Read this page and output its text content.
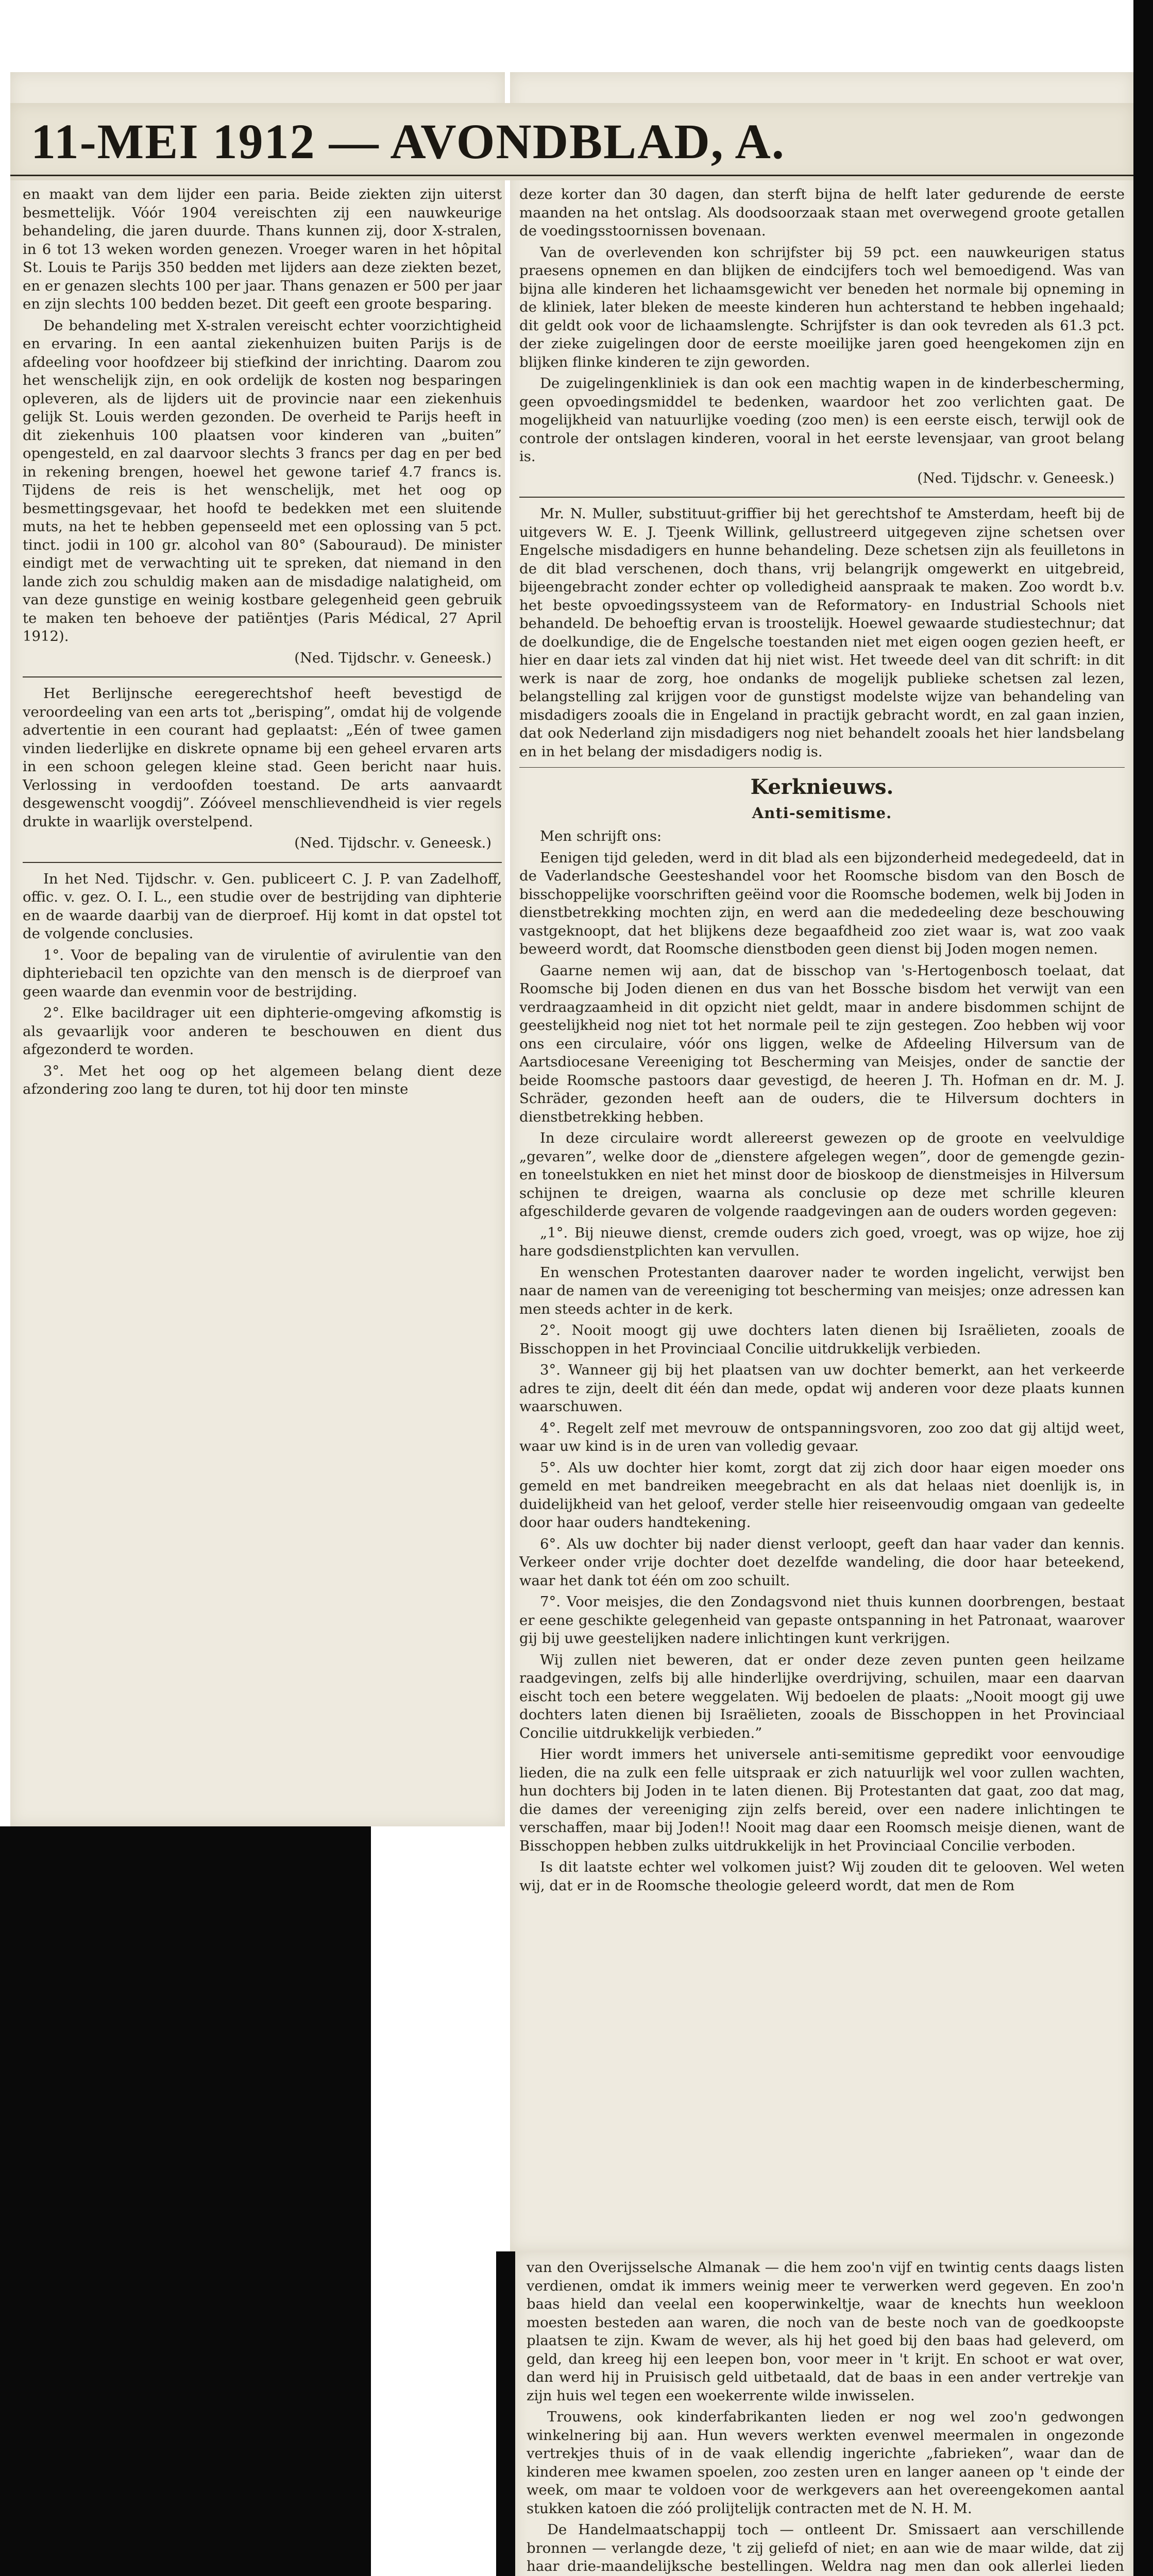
en maakt van dem lijder een paria. Beide ziekten zijn uiterst besmettelijk. Vóór 1904 vereischten zij een nauwkeurige behandeling, die jaren duurde. Thans kunnen zij, door X-stralen, in 6 tot 13 weken worden genezen. Vroeger waren in het hôpital St. Louis te Parijs 350 bedden met lijders aan deze ziekten bezet, en er genazen slechts 100 per jaar. Thans genazen er 500 per jaar en zijn slechts 100 bedden bezet. Dit geeft een groote besparing.

De behandeling met X-stralen vereischt echter voorzichtigheid en ervaring. In een aantal ziekenhuizen buiten Parijs is de afdeeling voor hoofdzeer bij stiefkind der inrichting. Daarom zou het wenschelijk zijn, en ook ordelijk de kosten nog besparingen opleveren, als de lijders uit de provincie naar een ziekenhuis gelijk St. Louis werden gezonden. De overheid te Parijs heeft in dit ziekenhuis 100 plaatsen voor kinderen van „buiten” opengesteld, en zal daarvoor slechts 3 francs per dag en per bed in rekening brengen, hoewel het gewone tarief 4.7 francs is. Tijdens de reis is het wenschelijk, met het oog op besmettingsgevaar, het hoofd te bedekken met een sluitende muts, na het te hebben gepenseeld met een oplossing van 5 pct. tinct. jodii in 100 gr. alcohol van 80° (Sabouraud). De minister eindigt met de verwachting uit te spreken, dat niemand in den lande zich zou schuldig maken aan de misdadige nalatigheid, om van deze gunstige en weinig kostbare gelegenheid geen gebruik te maken ten behoeve der patiëntjes (Paris Médical, 27 April 1912).

(Ned. Tijdschr. v. Geneesk.)

Het Berlijnsche eeregerechtshof heeft bevestigd de veroordeeling van een arts tot „berisping”, omdat hij de volgende advertentie in een courant had geplaatst: „Eén of twee gamen vinden liederlijke en diskrete opname bij een geheel ervaren arts in een schoon gelegen kleine stad. Geen bericht naar huis. Verlossing in verdoofden toestand. De arts aanvaardt desgewenscht voogdij”. Zóóveel menschlievendheid is vier regels drukte in waarlijk overstelpend.

(Ned. Tijdschr. v. Geneesk.)

In het Ned. Tijdschr. v. Gen. publiceert C. J. P. van Zadelhoff, offic. v. gez. O. I. L., een studie over de bestrijding van diphterie en de waarde daarbij van de dierproef. Hij komt in dat opstel tot de volgende conclusies.

1°. Voor de bepaling van de virulentie of avirulentie van den diphteriebacil ten opzichte van den mensch is de dierproef van geen waarde dan evenmin voor de bestrijding.

2°. Elke bacildrager uit een diphterie-omgeving afkomstig is als gevaarlijk voor anderen te beschouwen en dient dus afgezonderd te worden.

3°. Met het oog op het algemeen belang dient deze afzondering zoo lang te duren, tot hij door ten minste

deze korter dan 30 dagen, dan sterft bijna de helft later gedurende de eerste maanden na het ontslag. Als doodsoorzaak staan met overwegend groote getallen de voedingsstoornissen bovenaan.

Van de overlevenden kon schrijfster bij 59 pct. een nauwkeurigen status praesens opnemen en dan blijken de eindcijfers toch wel bemoedigend. Was van bijna alle kinderen het lichaamsgewicht ver beneden het normale bij opneming in de kliniek, later bleken de meeste kinderen hun achterstand te hebben ingehaald; dit geldt ook voor de lichaamslengte. Schrijfster is dan ook tevreden als 61.3 pct. der zieke zuigelingen door de eerste moeilijke jaren goed heengekomen zijn en blijken flinke kinderen te zijn geworden.

De zuigelingenkliniek is dan ook een machtig wapen in de kinderbescherming, geen opvoedingsmiddel te bedenken, waardoor het zoo verlichten gaat. De mogelijkheid van natuurlijke voeding (zoo men) is een eerste eisch, terwijl ook de controle der ontslagen kinderen, vooral in het eerste levensjaar, van groot belang is.

(Ned. Tijdschr. v. Geneesk.)

Mr. N. Muller, substituut-griffier bij het gerechtshof te Amsterdam, heeft bij de uitgevers W. E. J. Tjeenk Willink, gellustreerd uitgegeven zijne schetsen over Engelsche misdadigers en hunne behandeling. Deze schetsen zijn als feuilletons in de dit blad verschenen, doch thans, vrij belangrijk omgewerkt en uitgebreid, bijeengebracht zonder echter op volledigheid aanspraak te maken. Zoo wordt b.v. het beste opvoedingssysteem van de Reformatory- en Industrial Schools niet behandeld. De behoeftig ervan is troostelijk. Hoewel gewaarde studiestechnur; dat de doelkundige, die de Engelsche toestanden niet met eigen oogen gezien heeft, er hier en daar iets zal vinden dat hij niet wist. Het tweede deel van dit schrift: in dit werk is naar de zorg, hoe ondanks de mogelijk publieke schetsen zal lezen, belangstelling zal krijgen voor de gunstigst modelste wijze van behandeling van misdadigers zooals die in Engeland in practijk gebracht wordt, en zal gaan inzien, dat ook Nederland zijn misdadigers nog niet behandelt zooals het hier landsbelang en in het belang der misdadigers nodig is.

Kerknieuws.
Anti-semitisme.

Men schrijft ons:

Eenigen tijd geleden, werd in dit blad als een bijzonderheid medegedeeld, dat in de Vaderlandsche Geesteshandel voor het Roomsche bisdom van den Bosch de bisschoppelijke voorschriften geëind voor die Roomsche bodemen, welk bij Joden in dienstbetrekking mochten zijn, en werd aan die mededeeling deze beschouwing vastgeknoopt, dat het blijkens deze begaafdheid zoo ziet waar is, wat zoo vaak beweerd wordt, dat Roomsche dienstboden geen dienst bij Joden mogen nemen.

Gaarne nemen wij aan, dat de bisschop van 's-Hertogenbosch toelaat, dat Roomsche bij Joden dienen en dus van het Bossche bisdom het verwijt van een verdraagzaamheid in dit opzicht niet geldt, maar in andere bisdommen schijnt de geestelijkheid nog niet tot het normale peil te zijn gestegen. Zoo hebben wij voor ons een circulaire, vóór ons liggen, welke de Afdeeling Hilversum van de Aartsdiocesane Vereeniging tot Bescherming van Meisjes, onder de sanctie der beide Roomsche pastoors daar gevestigd, de heeren J. Th. Hofman en dr. M. J. Schräder, gezonden heeft aan de ouders, die te Hilversum dochters in dienstbetrekking hebben.

In deze circulaire wordt allereerst gewezen op de groote en veelvuldige „gevaren”, welke door de „dienstere afgelegen wegen”, door de gemengde gezin- en toneelstukken en niet het minst door de bioskoop de dienstmeisjes in Hilversum schijnen te dreigen, waarna als conclusie op deze met schrille kleuren afgeschilderde gevaren de volgende raadgevingen aan de ouders worden gegeven:

„1°. Bij nieuwe dienst, cremde ouders zich goed, vroegt, was op wijze, hoe zij hare godsdienstplichten kan vervullen.

En wenschen Protestanten daarover nader te worden ingelicht, verwijst ben naar de namen van de vereeniging tot bescherming van meisjes; onze adressen kan men steeds achter in de kerk.

2°. Nooit moogt gij uwe dochters laten dienen bij Israëlieten, zooals de Bisschoppen in het Provinciaal Concilie uitdrukkelijk verbieden.

3°. Wanneer gij bij het plaatsen van uw dochter bemerkt, aan het verkeerde adres te zijn, deelt dit één dan mede, opdat wij anderen voor deze plaats kunnen waarschuwen.

4°. Regelt zelf met mevrouw de ontspanningsvoren, zoo zoo dat gij altijd weet, waar uw kind is in de uren van volledig gevaar.

5°. Als uw dochter hier komt, zorgt dat zij zich door haar eigen moeder ons gemeld en met bandreiken meegebracht en als dat helaas niet doenlijk is, in duidelijkheid van het geloof, verder stelle hier reiseenvoudig omgaan van gedeelte door haar ouders handtekening.

6°. Als uw dochter bij nader dienst verloopt, geeft dan haar vader dan kennis. Verkeer onder vrije dochter doet dezelfde wandeling, die door haar beteekend, waar het dank tot één om zoo schuilt.

7°. Voor meisjes, die den Zondagsvond niet thuis kunnen doorbrengen, bestaat er eene geschikte gelegenheid van gepaste ontspanning in het Patronaat, waarover gij bij uwe geestelijken nadere inlichtingen kunt verkrijgen.

Wij zullen niet beweren, dat er onder deze zeven punten geen heilzame raadgevingen, zelfs bij alle hinderlijke overdrijving, schuilen, maar een daarvan eischt toch een betere weggelaten. Wij bedoelen de plaats: „Nooit moogt gij uwe dochters laten dienen bij Israëlieten, zooals de Bisschoppen in het Provinciaal Concilie uitdrukkelijk verbieden.”

Hier wordt immers het universele anti-semitisme gepredikt voor eenvoudige lieden, die na zulk een felle uitspraak er zich natuurlijk wel voor zullen wachten, hun dochters bij Joden in te laten dienen. Bij Protestanten dat gaat, zoo dat mag, die dames der vereeniging zijn zelfs bereid, over een nadere inlichtingen te verschaffen, maar bij Joden!! Nooit mag daar een Roomsch meisje dienen, want de Bisschoppen hebben zulks uitdrukkelijk in het Provinciaal Concilie verboden.

Is dit laatste echter wel volkomen juist? Wij zouden dit te gelooven. Wel weten wij, dat er in de Roomsche theologie geleerd wordt, dat men de Rom

11-MEI 1912 — AVONDBLAD, A.

van den Overijsselsche Almanak — die hem zoo'n vijf en twintig cents daags listen verdienen, omdat ik immers weinig meer te verwerken werd gegeven. En zoo'n baas hield dan veelal een kooperwinkeltje, waar de knechts hun weekloon moesten besteden aan waren, die noch van de beste noch van de goedkoopste plaatsen te zijn. Kwam de wever, als hij het goed bij den baas had geleverd, om geld, dan kreeg hij een leepen bon, voor meer in 't krijt. En schoot er wat over, dan werd hij in Pruisisch geld uitbetaald, dat de baas in een ander vertrekje van zijn huis wel tegen een woekerrente wilde inwisselen.

Trouwens, ook kinderfabrikanten lieden er nog wel zoo'n gedwongen winkelnering bij aan. Hun wevers werkten evenwel meermalen in ongezonde vertrekjes thuis of in de vaak ellendig ingerichte „fabrieken”, waar dan de kinderen mee kwamen spoelen, zoo zesten uren en langer aaneen op 't einde der week, om maar te voldoen voor de werkgevers aan het overeengekomen aantal stukken katoen die zóó prolijtelijk contracten met de N. H. M.

De Handelmaatschappij toch — ontleent Dr. Smissaert aan verschillende bronnen — verlangde deze, 't zij geliefd of niet; en aan wie de maar wilde, dat zij haar drie-maandelijksche bestellingen. Weldra nag men dan ook allerlei lieden
